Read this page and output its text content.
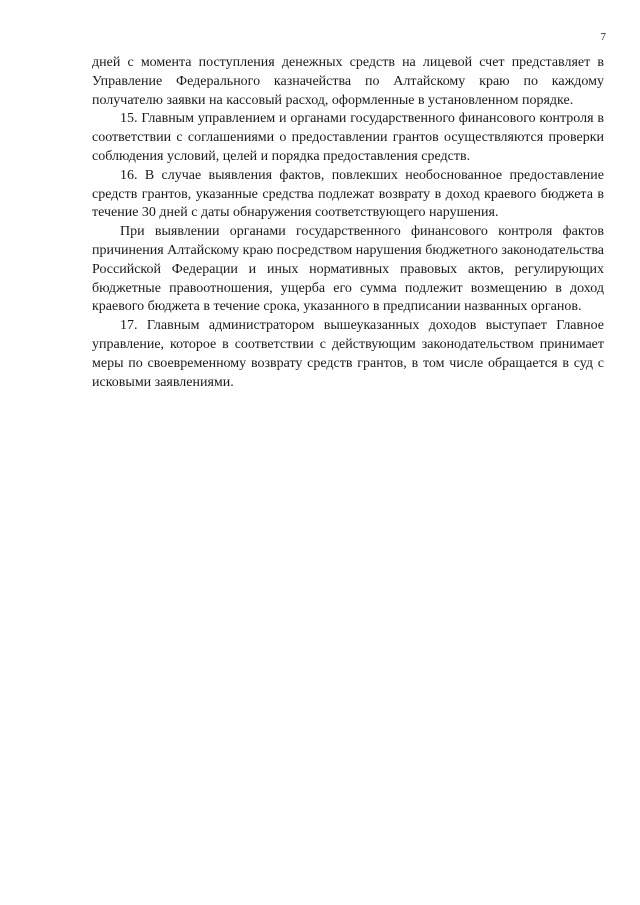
7

дней с момента поступления денежных средств на лицевой счет представляет в Управление Федерального казначейства по Алтайскому краю по каждому получателю заявки на кассовый расход, оформленные в установленном порядке.

15. Главным управлением и органами государственного финансового контроля в соответствии с соглашениями о предоставлении грантов осуществляются проверки соблюдения условий, целей и порядка предоставления средств.

16. В случае выявления фактов, повлекших необоснованное предоставление средств грантов, указанные средства подлежат возврату в доход краевого бюджета в течение 30 дней с даты обнаружения соответствующего нарушения.

При выявлении органами государственного финансового контроля фактов причинения Алтайскому краю посредством нарушения бюджетного законодательства Российской Федерации и иных нормативных правовых актов, регулирующих бюджетные правоотношения, ущерба его сумма подлежит возмещению в доход краевого бюджета в течение срока, указанного в предписании названных органов.

17. Главным администратором вышеуказанных доходов выступает Главное управление, которое в соответствии с действующим законодательством принимает меры по своевременному возврату средств грантов, в том числе обращается в суд с исковыми заявлениями.
